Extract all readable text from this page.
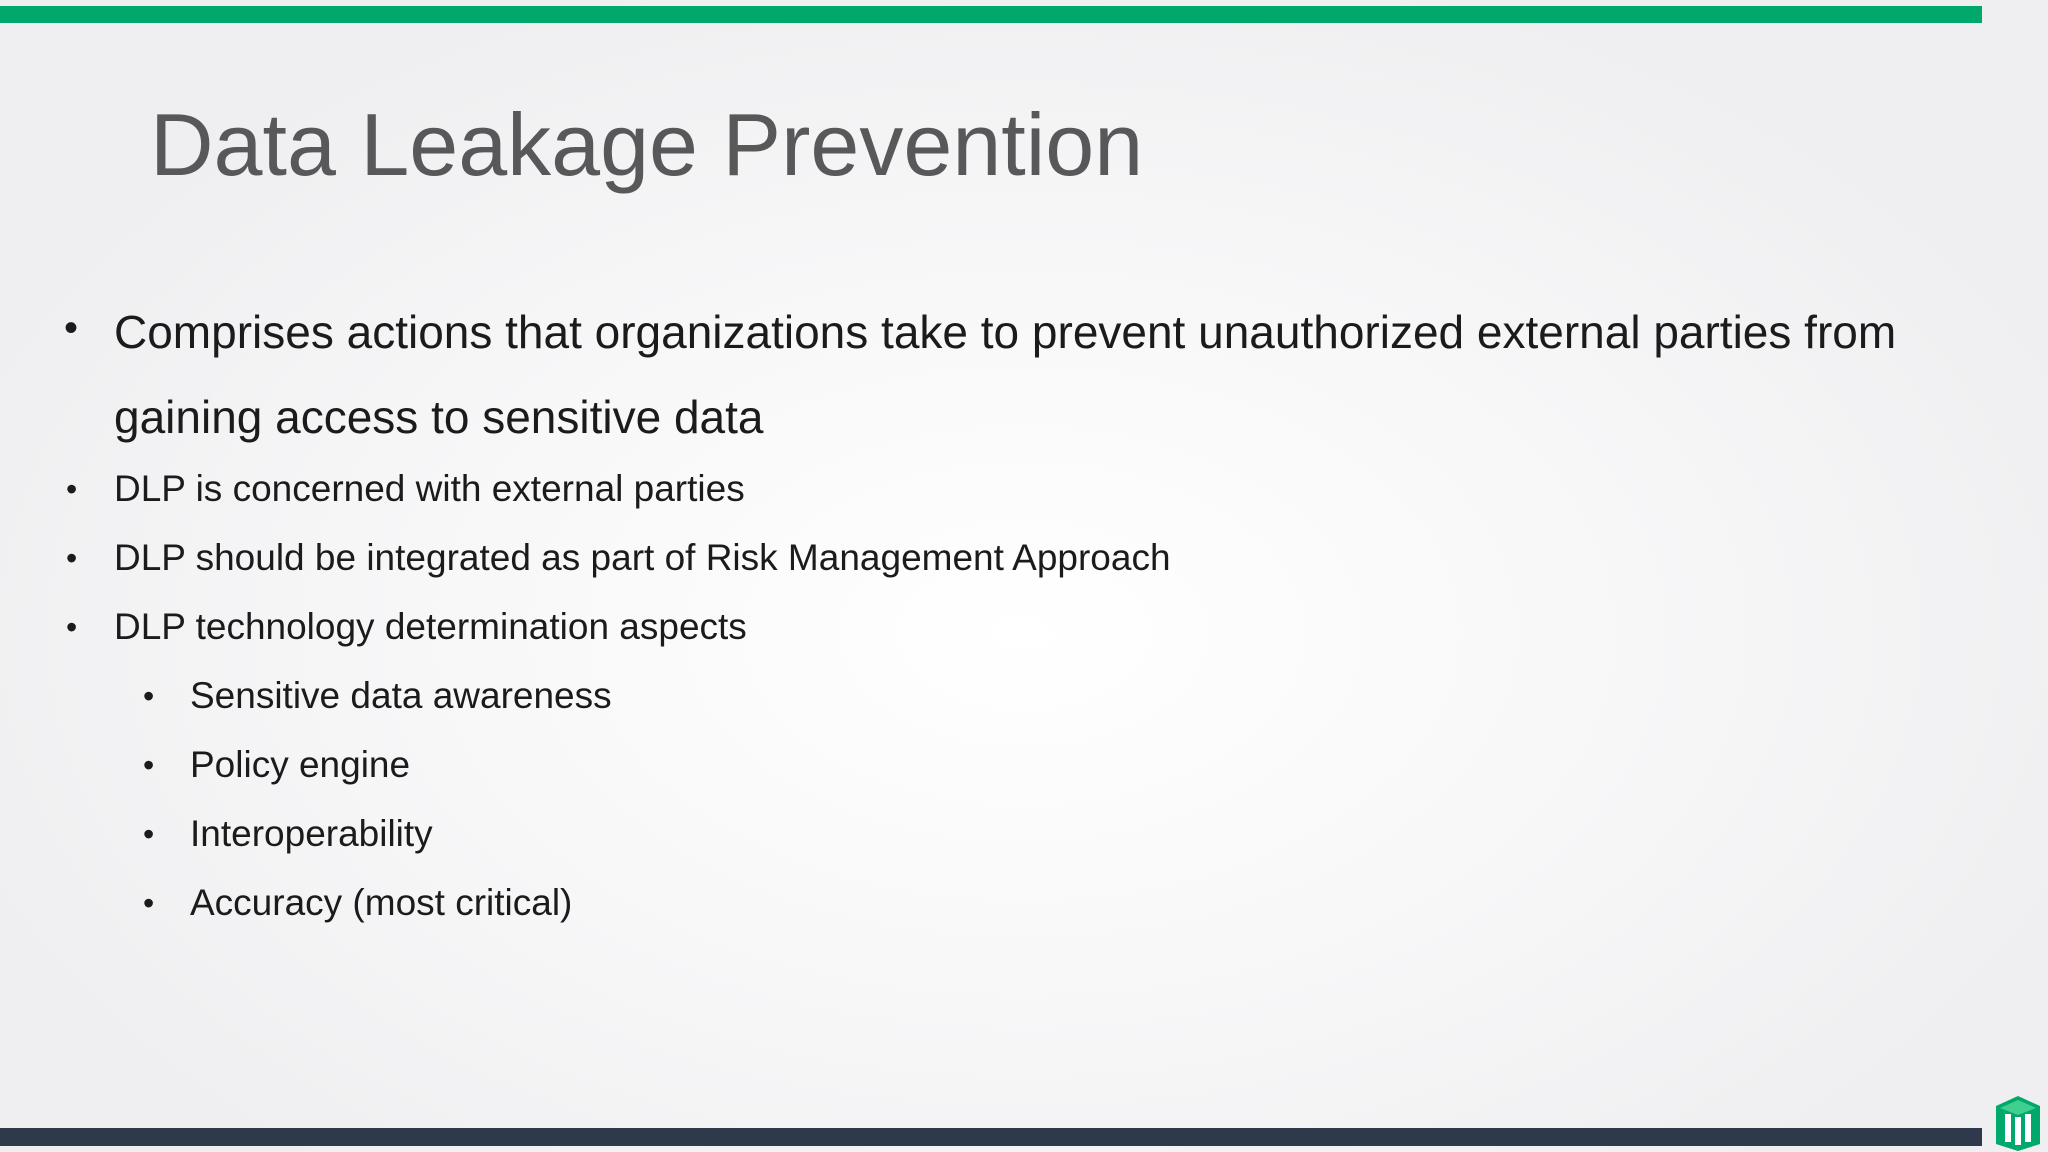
Data Leakage Prevention
• Comprises actions that organizations take to prevent unauthorized external parties from gaining access to sensitive data
• DLP is concerned with external parties
• DLP should be integrated as part of Risk Management Approach
• DLP technology determination aspects
• Sensitive data awareness
• Policy engine
• Interoperability
• Accuracy (most critical)
